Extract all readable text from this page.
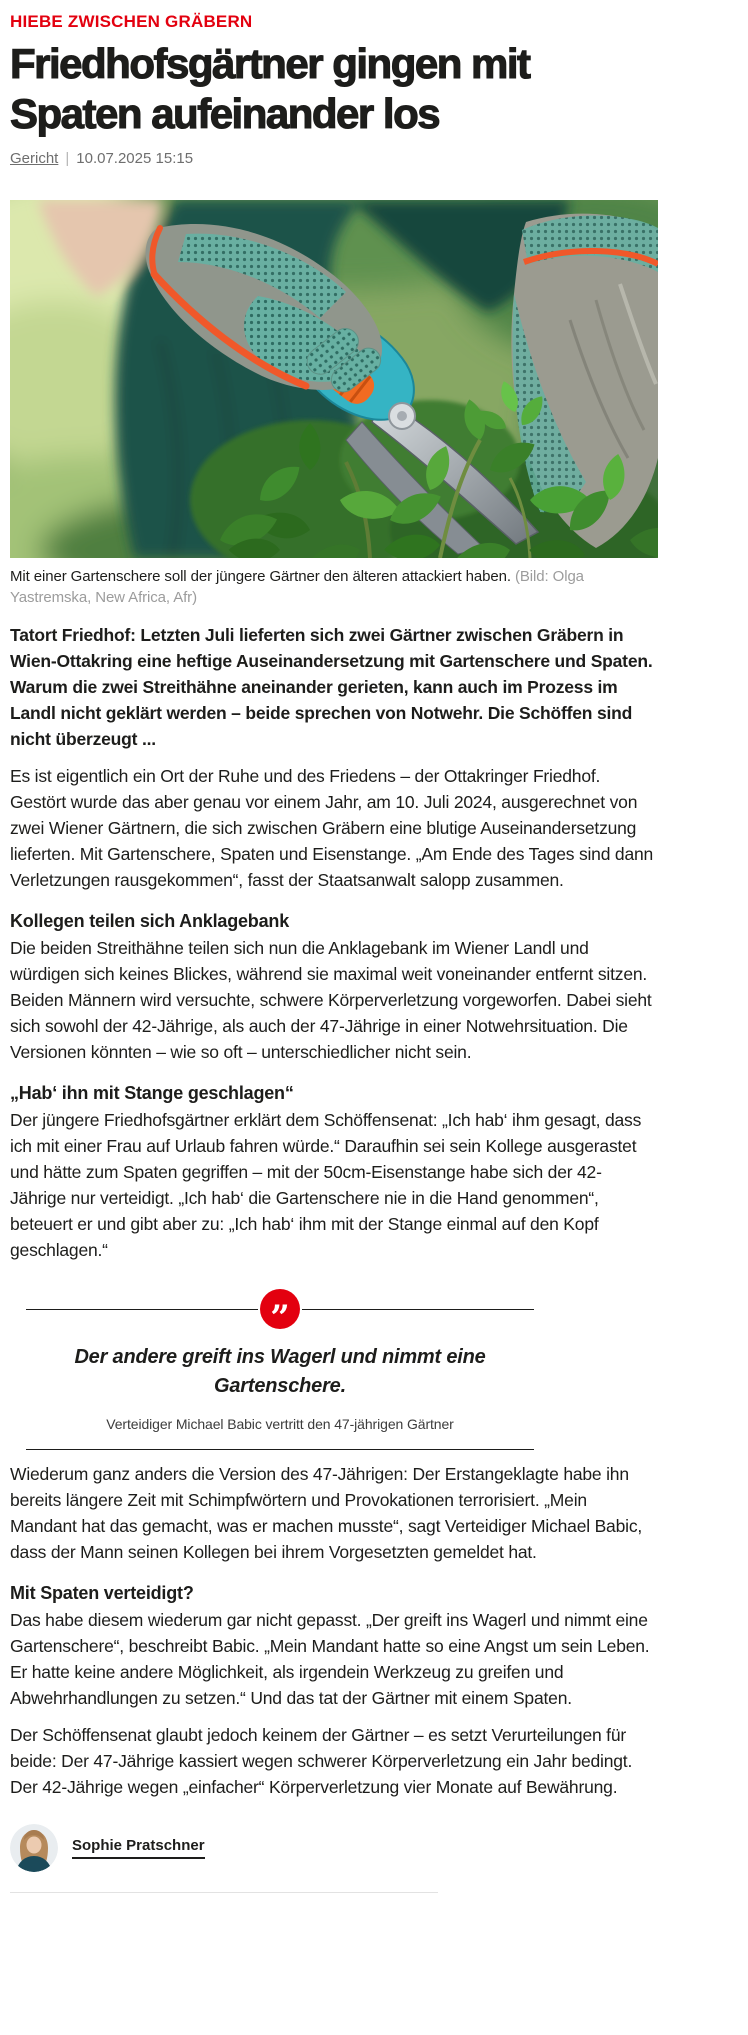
HIEBE ZWISCHEN GRÄBERN
Friedhofsgärtner gingen mit Spaten aufeinander los
Gericht | 10.07.2025 15:15
Mit einer Gartenschere soll der jüngere Gärtner den älteren attackiert haben. (Bild: Olga Yastremska, New Africa, Afr)

Tatort Friedhof: Letzten Juli lieferten sich zwei Gärtner zwischen Gräbern in Wien-Ottakring eine heftige Auseinandersetzung mit Gartenschere und Spaten. Warum die zwei Streithähne aneinander gerieten, kann auch im Prozess im Landl nicht geklärt werden – beide sprechen von Notwehr. Die Schöffen sind nicht überzeugt ...

Es ist eigentlich ein Ort der Ruhe und des Friedens – der Ottakringer Friedhof. Gestört wurde das aber genau vor einem Jahr, am 10. Juli 2024, ausgerechnet von zwei Wiener Gärtnern, die sich zwischen Gräbern eine blutige Auseinandersetzung lieferten. Mit Gartenschere, Spaten und Eisenstange. „Am Ende des Tages sind dann Verletzungen rausgekommen“, fasst der Staatsanwalt salopp zusammen.

Kollegen teilen sich Anklagebank

Die beiden Streithähne teilen sich nun die Anklagebank im Wiener Landl und würdigen sich keines Blickes, während sie maximal weit voneinander entfernt sitzen. Beiden Männern wird versuchte, schwere Körperverletzung vorgeworfen. Dabei sieht sich sowohl der 42-Jährige, als auch der 47-Jährige in einer Notwehrsituation. Die Versionen könnten – wie so oft – unterschiedlicher nicht sein.

„Hab‘ ihn mit Stange geschlagen“

Der jüngere Friedhofsgärtner erklärt dem Schöffensenat: „Ich hab‘ ihm gesagt, dass ich mit einer Frau auf Urlaub fahren würde.“ Daraufhin sei sein Kollege ausgerastet und hätte zum Spaten gegriffen – mit der 50cm-Eisenstange habe sich der 42-Jährige nur verteidigt. „Ich hab‘ die Gartenschere nie in die Hand genommen“, beteuert er und gibt aber zu: „Ich hab‘ ihm mit der Stange einmal auf den Kopf geschlagen.“

”
Der andere greift ins Wagerl und nimmt eine Gartenschere.
Verteidiger Michael Babic vertritt den 47-jährigen Gärtner

Wiederum ganz anders die Version des 47-Jährigen: Der Erstangeklagte habe ihn bereits längere Zeit mit Schimpfwörtern und Provokationen terrorisiert. „Mein Mandant hat das gemacht, was er machen musste“, sagt Verteidiger Michael Babic, dass der Mann seinen Kollegen bei ihrem Vorgesetzten gemeldet hat.

Mit Spaten verteidigt?

Das habe diesem wiederum gar nicht gepasst. „Der greift ins Wagerl und nimmt eine Gartenschere“, beschreibt Babic. „Mein Mandant hatte so eine Angst um sein Leben. Er hatte keine andere Möglichkeit, als irgendein Werkzeug zu greifen und Abwehrhandlungen zu setzen.“ Und das tat der Gärtner mit einem Spaten.

Der Schöffensenat glaubt jedoch keinem der Gärtner – es setzt Verurteilungen für beide: Der 47-Jährige kassiert wegen schwerer Körperverletzung ein Jahr bedingt. Der 42-Jährige wegen „einfacher“ Körperverletzung vier Monate auf Bewährung.

Sophie Pratschner
